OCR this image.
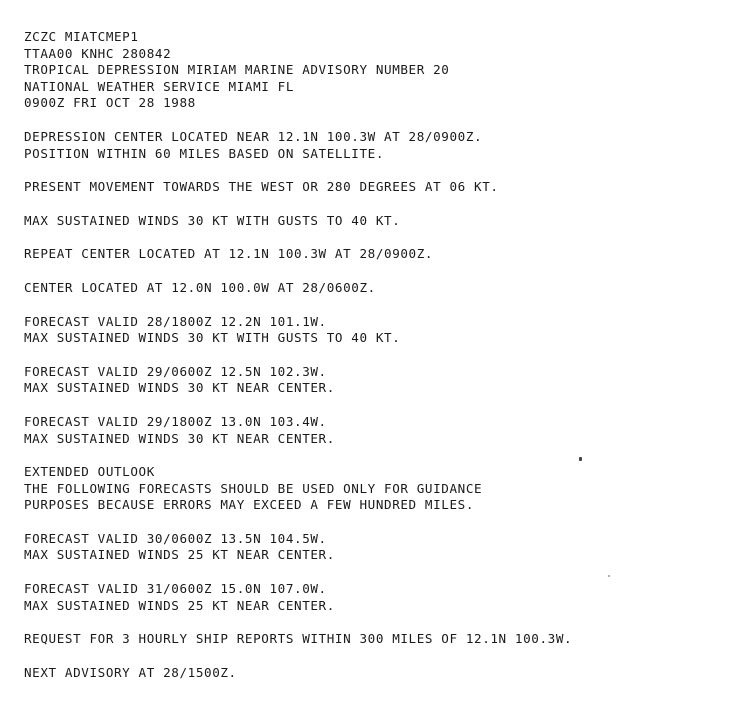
ZCZC MIATCMEP1
TTAA00 KNHC 280842
TROPICAL DEPRESSION MIRIAM MARINE ADVISORY NUMBER 20
NATIONAL WEATHER SERVICE MIAMI FL
0900Z FRI OCT 28 1988
DEPRESSION CENTER LOCATED NEAR 12.1N 100.3W AT 28/0900Z.
POSITION WITHIN 60 MILES BASED ON SATELLITE.
PRESENT MOVEMENT TOWARDS THE WEST OR 280 DEGREES AT 06 KT.
MAX SUSTAINED WINDS 30 KT WITH GUSTS TO 40 KT.
REPEAT CENTER LOCATED AT 12.1N 100.3W AT 28/0900Z.
CENTER LOCATED AT 12.0N 100.0W AT 28/0600Z.
FORECAST VALID 28/1800Z 12.2N 101.1W.
MAX SUSTAINED WINDS 30 KT WITH GUSTS TO 40 KT.
FORECAST VALID 29/0600Z 12.5N 102.3W.
MAX SUSTAINED WINDS 30 KT NEAR CENTER.
FORECAST VALID 29/1800Z 13.0N 103.4W.
MAX SUSTAINED WINDS 30 KT NEAR CENTER.
EXTENDED OUTLOOK
THE FOLLOWING FORECASTS SHOULD BE USED ONLY FOR GUIDANCE
PURPOSES BECAUSE ERRORS MAY EXCEED A FEW HUNDRED MILES.
FORECAST VALID 30/0600Z 13.5N 104.5W.
MAX SUSTAINED WINDS 25 KT NEAR CENTER.
FORECAST VALID 31/0600Z 15.0N 107.0W.
MAX SUSTAINED WINDS 25 KT NEAR CENTER.
REQUEST FOR 3 HOURLY SHIP REPORTS WITHIN 300 MILES OF 12.1N 100.3W.
NEXT ADVISORY AT 28/1500Z.
